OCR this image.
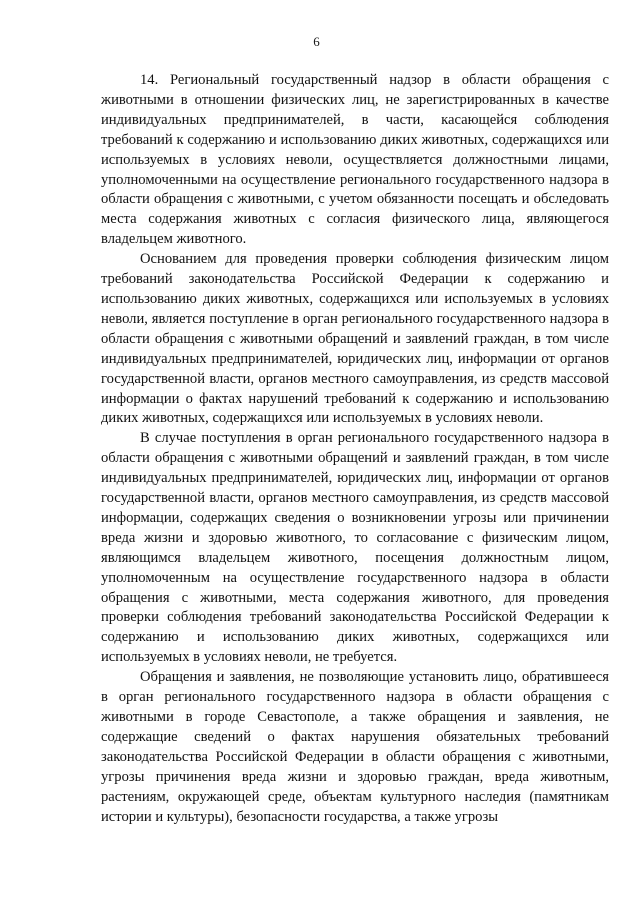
6

14. Региональный государственный надзор в области обращения с животными в отношении физических лиц, не зарегистрированных в качестве индивидуальных предпринимателей, в части, касающейся соблюдения требований к содержанию и использованию диких животных, содержащихся или используемых в условиях неволи, осуществляется должностными лицами, уполномоченными на осуществление регионального государственного надзора в области обращения с животными, с учетом обязанности посещать и обследовать места содержания животных с согласия физического лица, являющегося владельцем животного.

Основанием для проведения проверки соблюдения физическим лицом требований законодательства Российской Федерации к содержанию и использованию диких животных, содержащихся или используемых в условиях неволи, является поступление в орган регионального государственного надзора в области обращения с животными обращений и заявлений граждан, в том числе индивидуальных предпринимателей, юридических лиц, информации от органов государственной власти, органов местного самоуправления, из средств массовой информации о фактах нарушений требований к содержанию и использованию диких животных, содержащихся или используемых в условиях неволи.

В случае поступления в орган регионального государственного надзора в области обращения с животными обращений и заявлений граждан, в том числе индивидуальных предпринимателей, юридических лиц, информации от органов государственной власти, органов местного самоуправления, из средств массовой информации, содержащих сведения о возникновении угрозы или причинении вреда жизни и здоровью животного, то согласование с физическим лицом, являющимся владельцем животного, посещения должностным лицом, уполномоченным на осуществление государственного надзора в области обращения с животными, места содержания животного, для проведения проверки соблюдения требований законодательства Российской Федерации к содержанию и использованию диких животных, содержащихся или используемых в условиях неволи, не требуется.

Обращения и заявления, не позволяющие установить лицо, обратившееся в орган регионального государственного надзора в области обращения с животными в городе Севастополе, а также обращения и заявления, не содержащие сведений о фактах нарушения обязательных требований законодательства Российской Федерации в области обращения с животными, угрозы причинения вреда жизни и здоровью граждан, вреда животным, растениям, окружающей среде, объектам культурного наследия (памятникам истории и культуры), безопасности государства, а также угрозы
